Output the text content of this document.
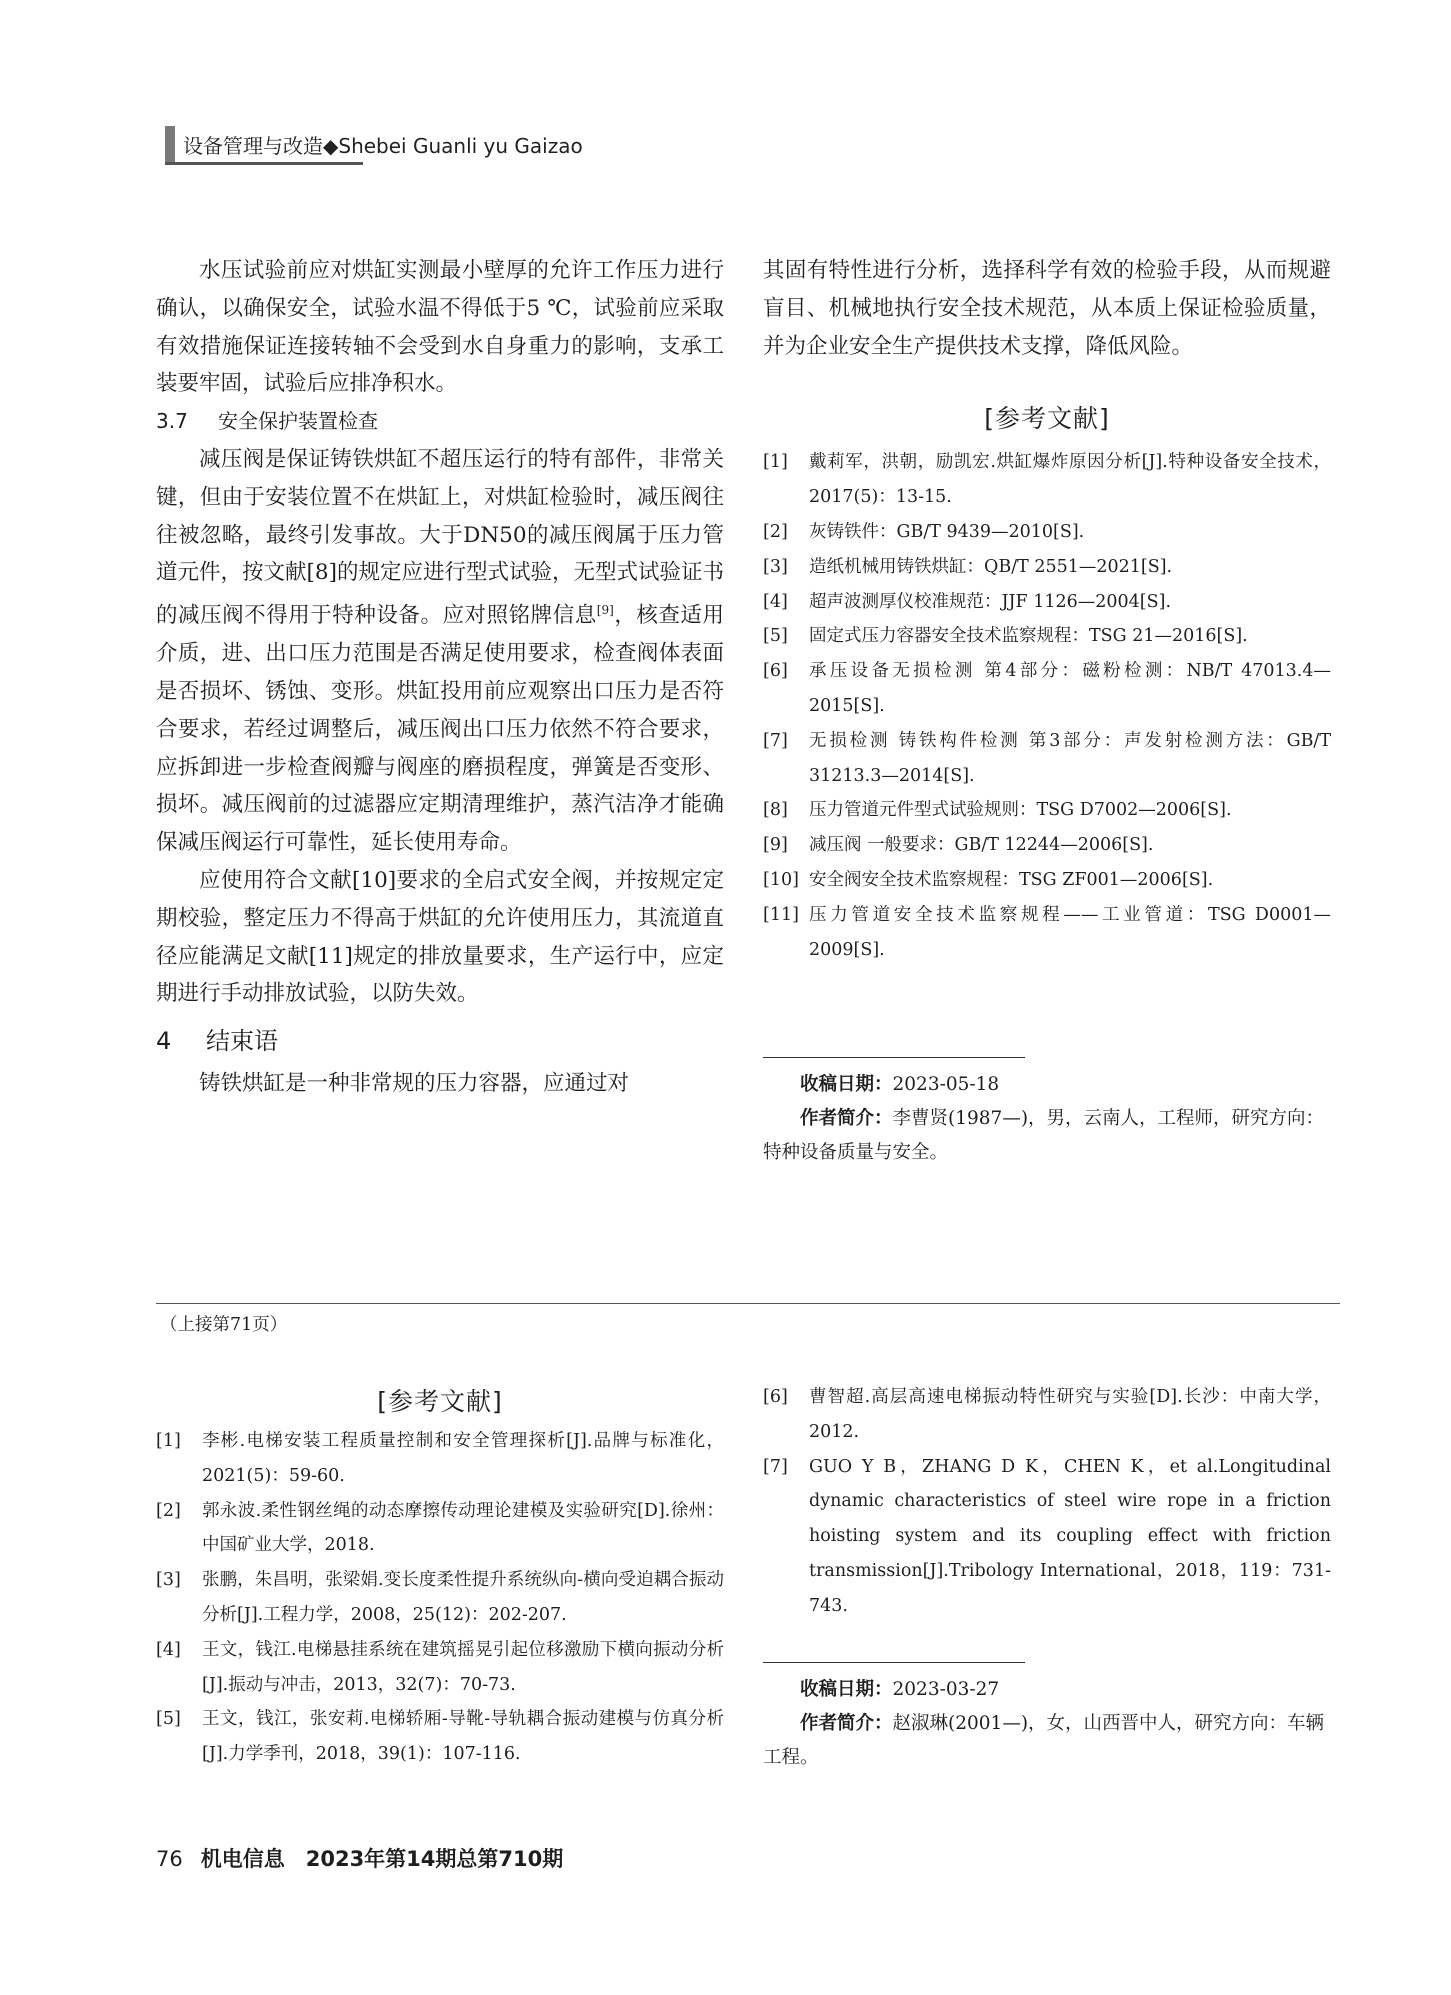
设备管理与改造◆Shebei Guanli yu Gaizao

水压试验前应对烘缸实测最小壁厚的允许工作压力进行确认，以确保安全，试验水温不得低于5 ℃，试验前应采取有效措施保证连接转轴不会受到水自身重力的影响，支承工装要牢固，试验后应排净积水。

3.7 安全保护装置检查

减压阀是保证铸铁烘缸不超压运行的特有部件，非常关键，但由于安装位置不在烘缸上，对烘缸检验时，减压阀往往被忽略，最终引发事故。大于DN50的减压阀属于压力管道元件，按文献[8]的规定应进行型式试验，无型式试验证书的减压阀不得用于特种设备。应对照铭牌信息[9]，核查适用介质，进、出口压力范围是否满足使用要求，检查阀体表面是否损坏、锈蚀、变形。烘缸投用前应观察出口压力是否符合要求，若经过调整后，减压阀出口压力依然不符合要求，应拆卸进一步检查阀瓣与阀座的磨损程度，弹簧是否变形、损坏。减压阀前的过滤器应定期清理维护，蒸汽洁净才能确保减压阀运行可靠性，延长使用寿命。

应使用符合文献[10]要求的全启式安全阀，并按规定定期校验，整定压力不得高于烘缸的允许使用压力，其流道直径应能满足文献[11]规定的排放量要求，生产运行中，应定期进行手动排放试验，以防失效。

4 结束语

铸铁烘缸是一种非常规的压力容器，应通过对

其固有特性进行分析，选择科学有效的检验手段，从而规避盲目、机械地执行安全技术规范，从本质上保证检验质量，并为企业安全生产提供技术支撑，降低风险。

[参考文献]
[1]	戴莉军，洪朝，励凯宏.烘缸爆炸原因分析[J].特种设备安全技术，2017(5)：13-15.
[2]	灰铸铁件：GB/T 9439—2010[S].
[3]	造纸机械用铸铁烘缸：QB/T 2551—2021[S].
[4]	超声波测厚仪校准规范：JJF 1126—2004[S].
[5]	固定式压力容器安全技术监察规程：TSG 21—2016[S].
[6]	承压设备无损检测 第4部分：磁粉检测：NB/T 47013.4—2015[S].
[7]	无损检测 铸铁构件检测 第3部分：声发射检测方法：GB/T 31213.3—2014[S].
[8]	压力管道元件型式试验规则：TSG D7002—2006[S].
[9]	减压阀 一般要求：GB/T 12244—2006[S].
[10] 安全阀安全技术监察规程：TSG ZF001—2006[S].
[11] 压力管道安全技术监察规程——工业管道：TSG D0001—2009[S].

收稿日期：2023-05-18

作者简介：李曹贤(1987—)，男，云南人，工程师，研究方向：特种设备质量与安全。

（上接第71页）
[参考文献]
[1]	李彬.电梯安装工程质量控制和安全管理探析[J].品牌与标准化，2021(5)：59-60.
[2]	郭永波.柔性钢丝绳的动态摩擦传动理论建模及实验研究[D].徐州：中国矿业大学，2018.
[3]	张鹏，朱昌明，张梁娟.变长度柔性提升系统纵向-横向受迫耦合振动分析[J].工程力学，2008，25(12)：202-207.
[4]	王文，钱江.电梯悬挂系统在建筑摇晃引起位移激励下横向振动分析[J].振动与冲击，2013，32(7)：70-73.
[5]	王文，钱江，张安莉.电梯轿厢-导靴-导轨耦合振动建模与仿真分析[J].力学季刊，2018，39(1)：107-116.
[6]	曹智超.高层高速电梯振动特性研究与实验[D].长沙：中南大学，2012.
[7]	GUO Y B，ZHANG D K，CHEN K，et al.Longitudinal dynamic characteristics of steel wire rope in a friction hoisting system and its coupling effect with friction transmission[J].Tribology International，2018，119：731-743.

收稿日期：2023-03-27

作者简介：赵淑琳(2001—)，女，山西晋中人，研究方向：车辆工程。

76 机电信息　2023年第14期总第710期
